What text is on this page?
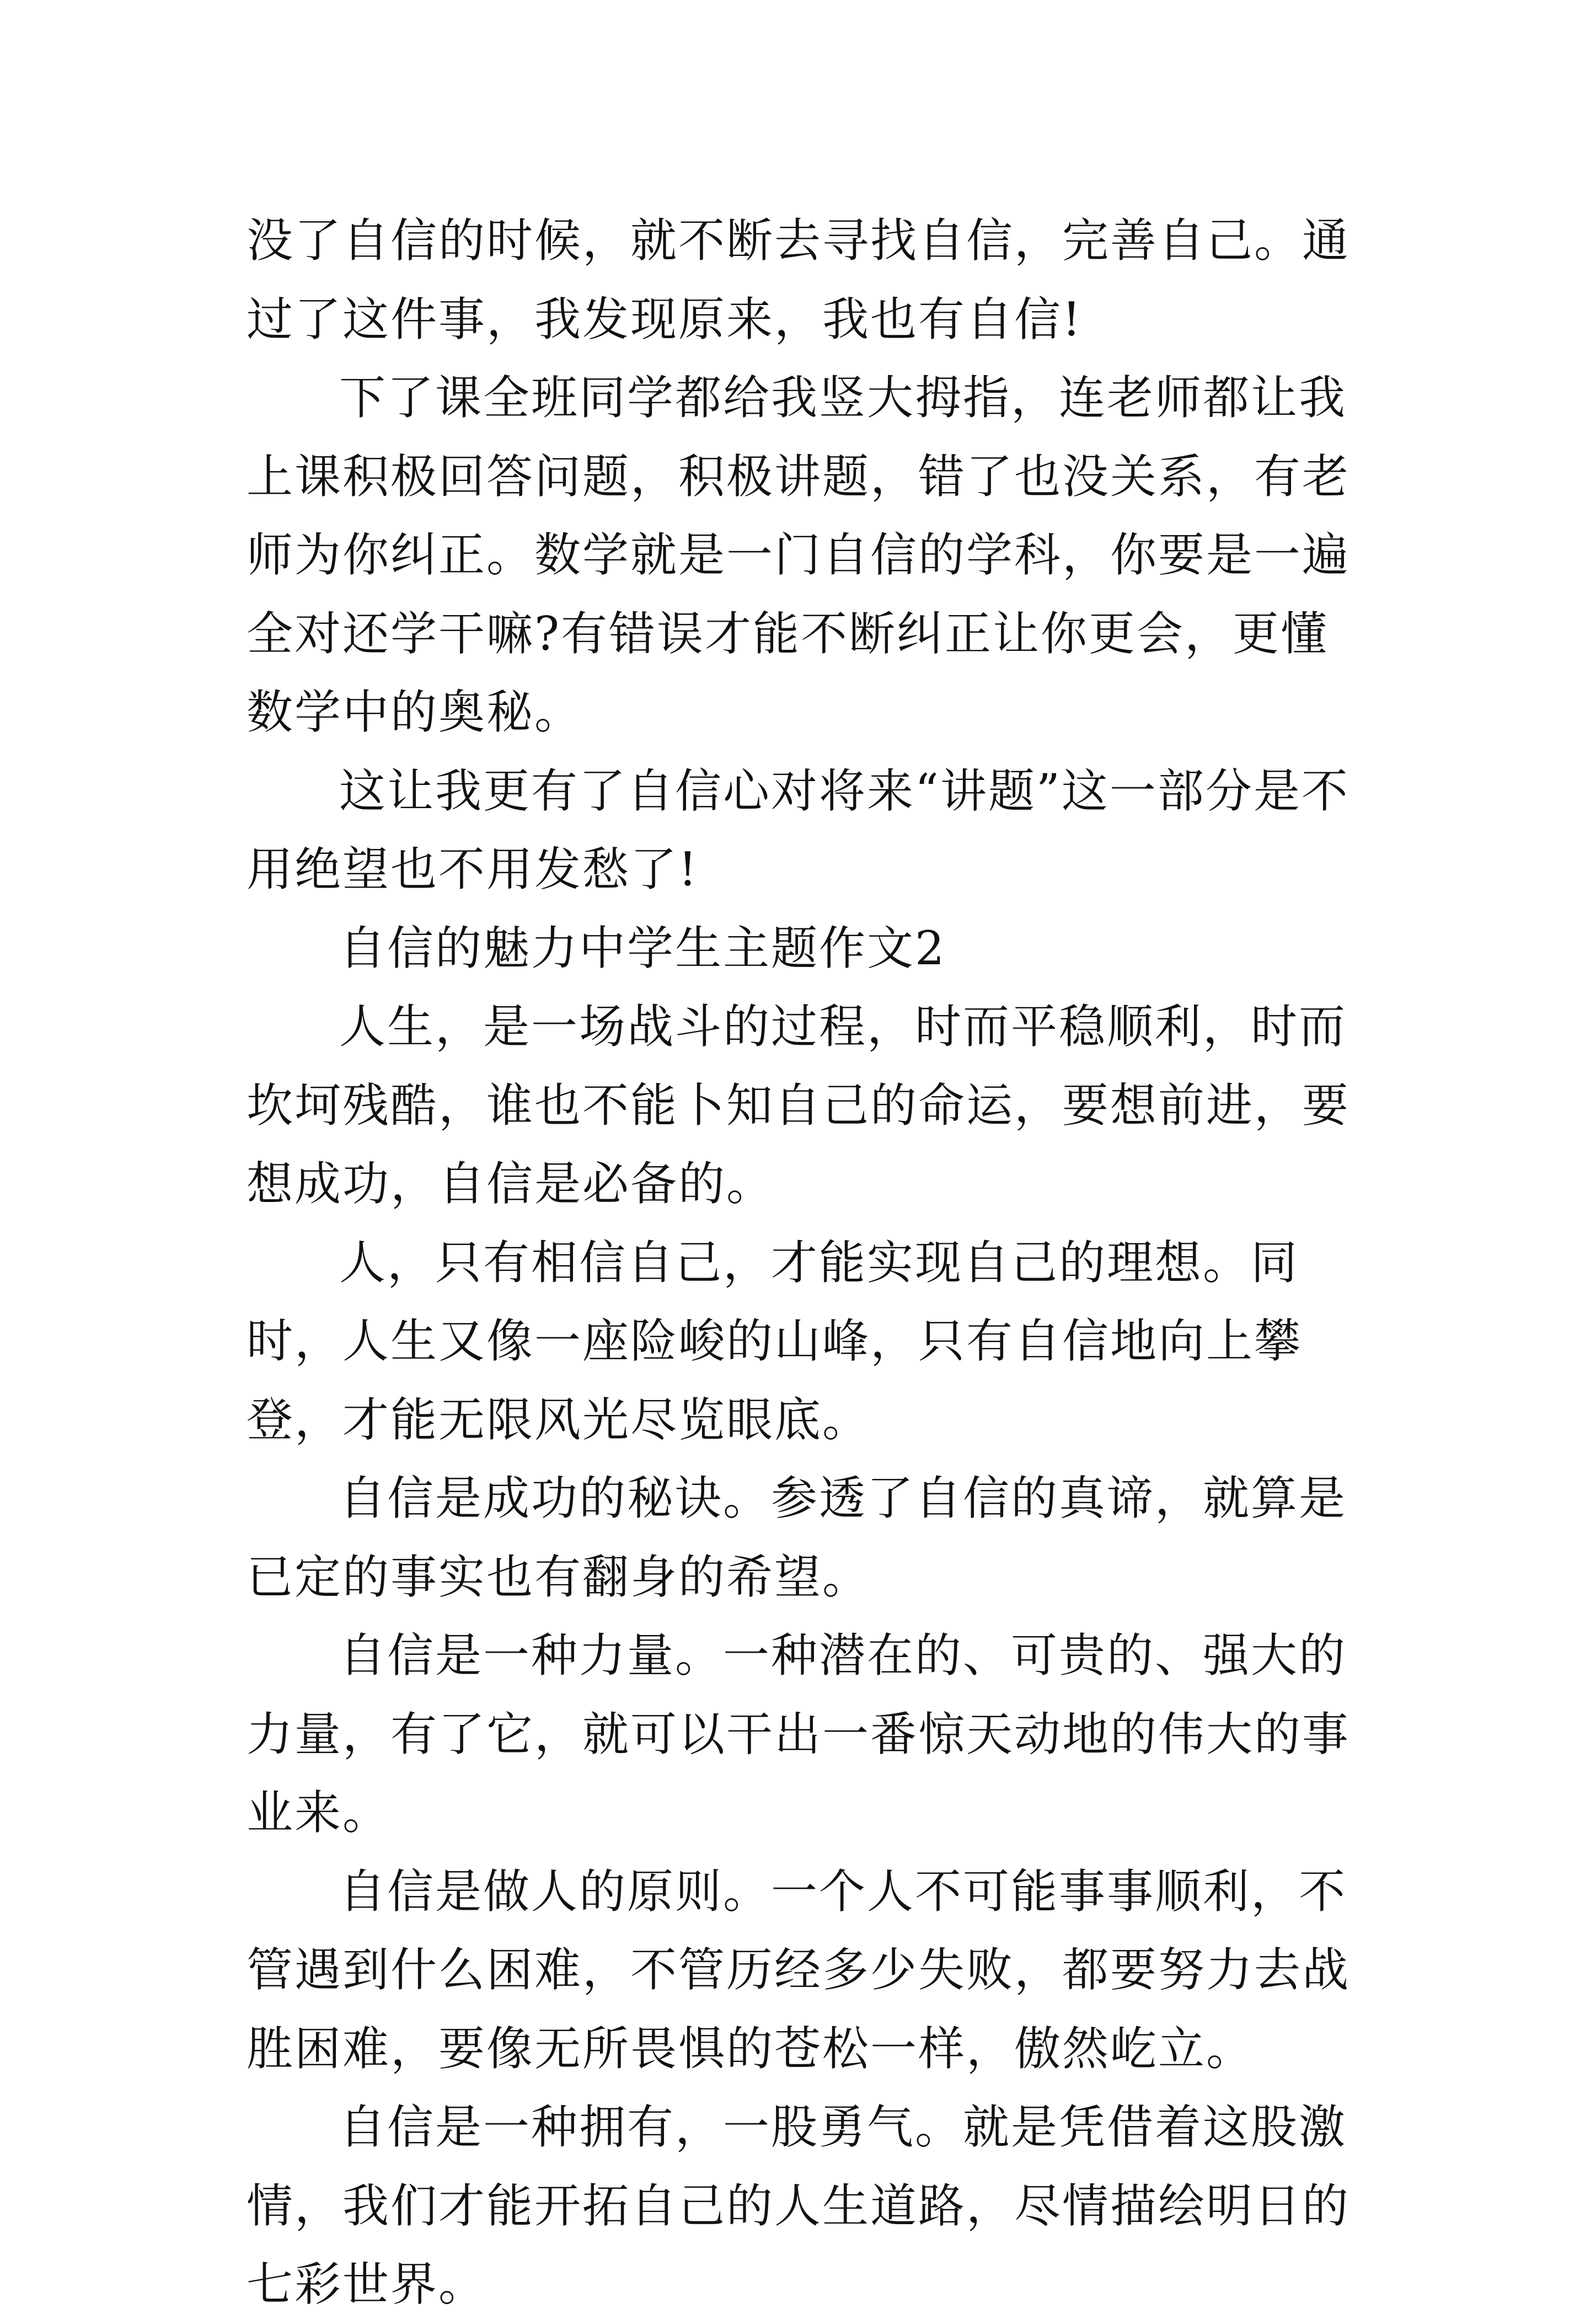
没了自信的时候，就不断去寻找自信，完善自己。通过了这件事，我发现原来，我也有自信!

下了课全班同学都给我竖大拇指，连老师都让我上课积极回答问题，积极讲题，错了也没关系，有老师为你纠正。数学就是一门自信的学科，你要是一遍全对还学干嘛?有错误才能不断纠正让你更会，更懂数学中的奥秘。

这让我更有了自信心对将来“讲题”这一部分是不用绝望也不用发愁了!

自信的魅力中学生主题作文2

人生，是一场战斗的过程，时而平稳顺利，时而坎坷残酷，谁也不能卜知自己的命运，要想前进，要想成功，自信是必备的。

人，只有相信自己，才能实现自己的理想。同时，人生又像一座险峻的山峰，只有自信地向上攀登，才能无限风光尽览眼底。

自信是成功的秘诀。参透了自信的真谛，就算是已定的事实也有翻身的希望。

自信是一种力量。一种潜在的、可贵的、强大的力量，有了它，就可以干出一番惊天动地的伟大的事业来。

自信是做人的原则。一个人不可能事事顺利，不管遇到什么困难，不管历经多少失败，都要努力去战胜困难，要像无所畏惧的苍松一样，傲然屹立。

自信是一种拥有，一股勇气。就是凭借着这股激情，我们才能开拓自己的人生道路，尽情描绘明日的七彩世界。
